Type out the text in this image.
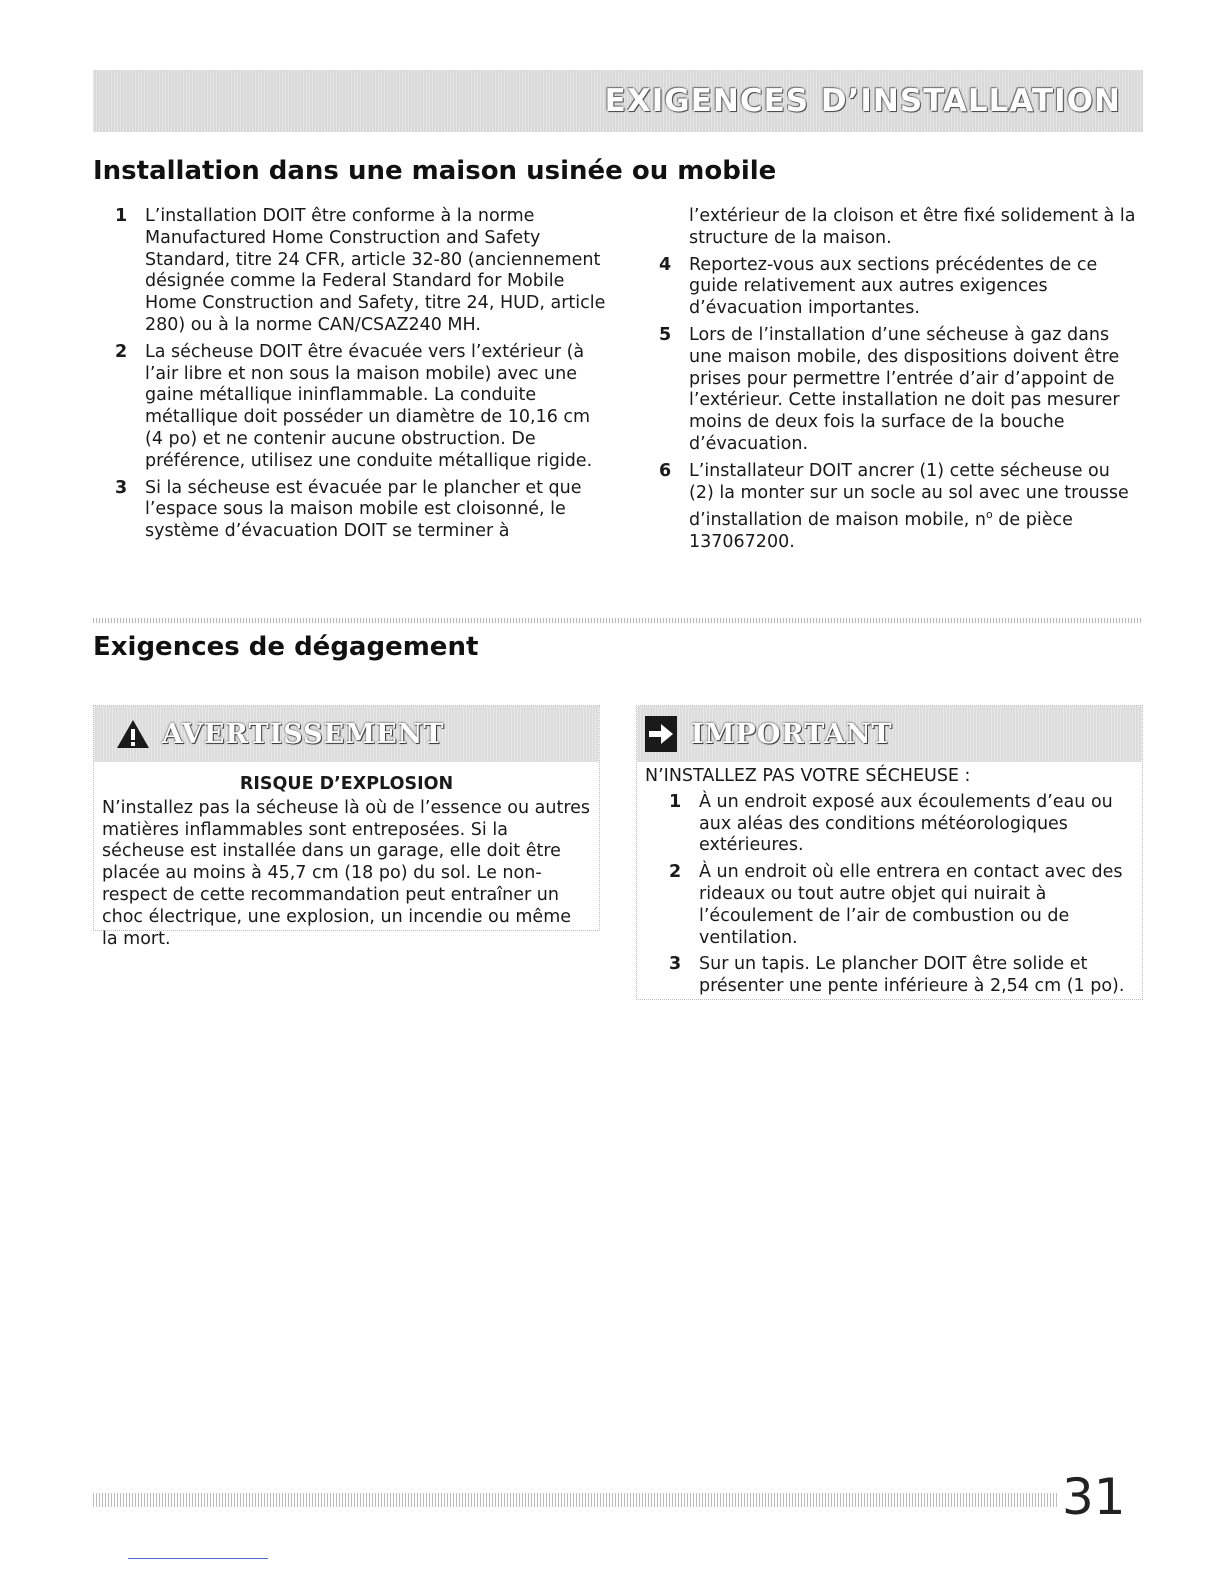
EXIGENCES D’INSTALLATION
Installation dans une maison usinée ou mobile
1	L’installation DOIT être conforme à la norme Manufactured Home Construction and Safety Standard, titre 24 CFR, article 32-80 (anciennement désignée comme la Federal Standard for Mobile Home Construction and Safety, titre 24, HUD, article 280) ou à la norme CAN/CSAZ240 MH.
2	La sécheuse DOIT être évacuée vers l’extérieur (à l’air libre et non sous la maison mobile) avec une gaine métallique ininflammable. La conduite métallique doit posséder un diamètre de 10,16 cm (4 po) et ne contenir aucune obstruction. De préférence, utilisez une conduite métallique rigide.
3	Si la sécheuse est évacuée par le plancher et que l’espace sous la maison mobile est cloisonné, le système d’évacuation DOIT se terminer à
l’extérieur de la cloison et être fixé solidement à la structure de la maison.
4	Reportez-vous aux sections précédentes de ce guide relativement aux autres exigences d’évacuation importantes.
5	Lors de l’installation d’une sécheuse à gaz dans une maison mobile, des dispositions doivent être prises pour permettre l’entrée d’air d’appoint de l’extérieur. Cette installation ne doit pas mesurer moins de deux fois la surface de la bouche d’évacuation.
6	L’installateur DOIT ancrer (1) cette sécheuse ou (2) la monter sur un socle au sol avec une trousse d’installation de maison mobile, $n^o$ de pièce 137067200.
Exigences de dégagement
AVERTISSEMENT
RISQUE D’EXPLOSION
N’installez pas la sécheuse là où de l’essence ou autres matières inflammables sont entreposées. Si la sécheuse est installée dans un garage, elle doit être placée au moins à 45,7 cm (18 po) du sol. Le non-respect de cette recommandation peut entraîner un choc électrique, une explosion, un incendie ou même la mort.
IMPORTANT
N’INSTALLEZ PAS VOTRE SÉCHEUSE :
1	À un endroit exposé aux écoulements d’eau ou aux aléas des conditions météorologiques extérieures.
2	À un endroit où elle entrera en contact avec des rideaux ou tout autre objet qui nuirait à l’écoulement de l’air de combustion ou de ventilation.
3	Sur un tapis. Le plancher DOIT être solide et présenter une pente inférieure à 2,54 cm (1 po).
31
